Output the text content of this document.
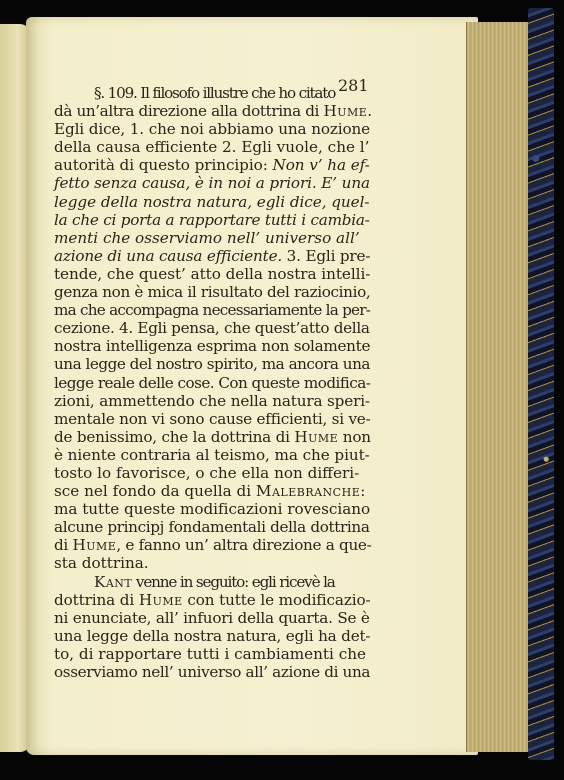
281
§. 109. Il filosofo illustre che ho citato
dà un’altra direzione alla dottrina di Hume.
Egli dice, 1. che noi abbiamo una nozione
della causa efficiente 2. Egli vuole, che l’
autorità di questo principio: Non v’ ha ef-
fetto senza causa, è in noi a priori. E’ una
legge della nostra natura, egli dice, quel-
la che ci porta a rapportare tutti i cambia-
menti che osserviamo nell’ universo all’
azione di una causa efficiente. 3. Egli pre-
tende, che quest’ atto della nostra intelli-
genza non è mica il risultato del raziocinio,
ma che accompagna necessariamente la per-
cezione. 4. Egli pensa, che quest’atto della
nostra intelligenza esprima non solamente
una legge del nostro spirito, ma ancora una
legge reale delle cose. Con queste modifica-
zioni, ammettendo che nella natura speri-
mentale non vi sono cause efficienti, si ve-
de benissimo, che la dottrina di Hume non
è niente contraria al teismo, ma che piut-
tosto lo favorisce, o che ella non differi-
sce nel fondo da quella di Malebranche:
ma tutte queste modificazioni rovesciano
alcune principj fondamentali della dottrina
di Hume, e fanno un’ altra direzione a que-
sta dottrina.
Kant venne in seguito: egli ricevè la
dottrina di Hume con tutte le modificazio-
ni enunciate, all’ infuori della quarta. Se è
una legge della nostra natura, egli ha det-
to, di rapportare tutti i cambiamenti che
osserviamo nell’ universo all’ azione di una
